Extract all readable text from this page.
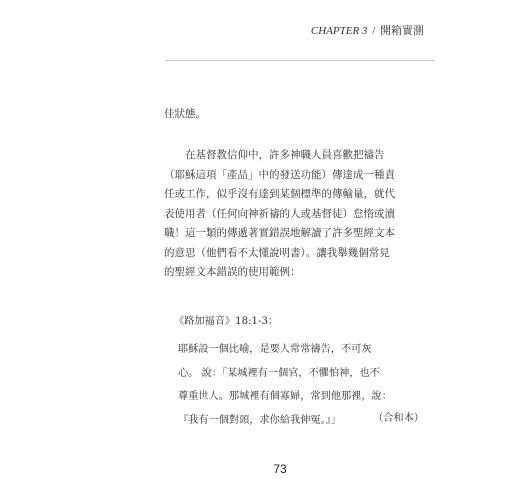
CHAPTER 3 / 開箱實測
佳狀態。
在基督教信仰中，許多神職人員喜歡把禱告
（耶穌這項「產品」中的發送功能）傳達成一種責
任或工作，似乎沒有達到某個標準的傳輸量，就代
表使用者（任何向神祈禱的人或基督徒）怠惰或瀆
職！這一類的傳遞著實錯誤地解讀了許多聖經文本
的意思（他們看不太懂說明書）。讓我舉幾個常見
的聖經文本錯誤的使用範例：
《路加福音》18:1-3：
耶穌設一個比喻，是要人常常禱告，不可灰
心。 說：「某城裡有一個官，不懼怕神，也不
尊重世人。那城裡有個寡婦，常到他那裡，說：
『我有一個對頭，求你給我伸冤。』」	（合和本）
73
